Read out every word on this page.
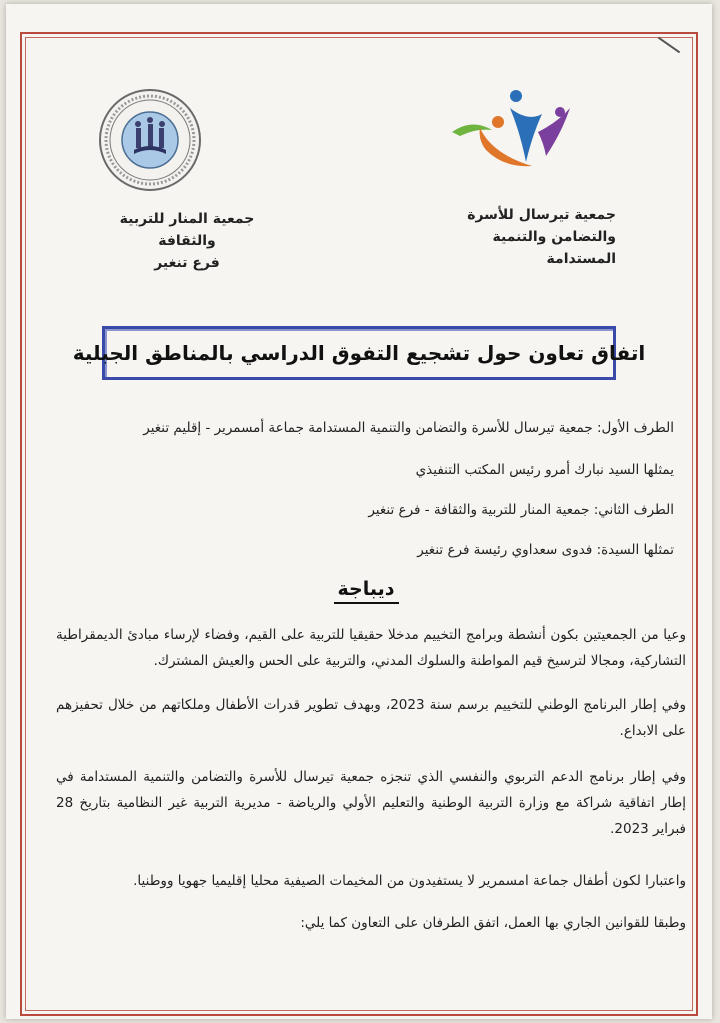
جمعية المنار للتربية والثقافة
فرع تنغير
جمعية تيرسال للأسرة
والتضامن والتنمية المستدامة
اتفاق تعاون حول تشجيع التفوق الدراسي بالمناطق الجبلية
الطرف الأول: جمعية تيرسال للأسرة والتضامن والتنمية المستدامة جماعة أمسمرير - إقليم تنغير
يمثلها السيد نبارك أمرو رئيس المكتب التنفيذي
الطرف الثاني: جمعية المنار للتربية والثقافة - فرع تنغير
تمثلها السيدة: فدوى سعداوي رئيسة فرع تنغير
ديباجة
وعيا من الجمعيتين بكون أنشطة وبرامج التخييم مدخلا حقيقيا للتربية على القيم، وفضاء لإرساء مبادئ الديمقراطية التشاركية، ومجالا لترسيخ قيم المواطنة والسلوك المدني، والتربية على الحس والعيش المشترك.
وفي إطار البرنامج الوطني للتخييم برسم سنة 2023، وبهدف تطوير قدرات الأطفال وملكاتهم من خلال تحفيزهم على الابداع.
وفي إطار برنامج الدعم التربوي والنفسي الذي تنجزه جمعية تيرسال للأسرة والتضامن والتنمية المستدامة في إطار اتفاقية شراكة مع وزارة التربية الوطنية والتعليم الأولي والرياضة - مديرية التربية غير النظامية بتاريخ 28 فبراير 2023.
واعتبارا لكون أطفال جماعة امسمرير لا يستفيدون من المخيمات الصيفية محليا إقليميا جهويا ووطنيا.
وطبقا للقوانين الجاري بها العمل، اتفق الطرفان على التعاون كما يلي:
